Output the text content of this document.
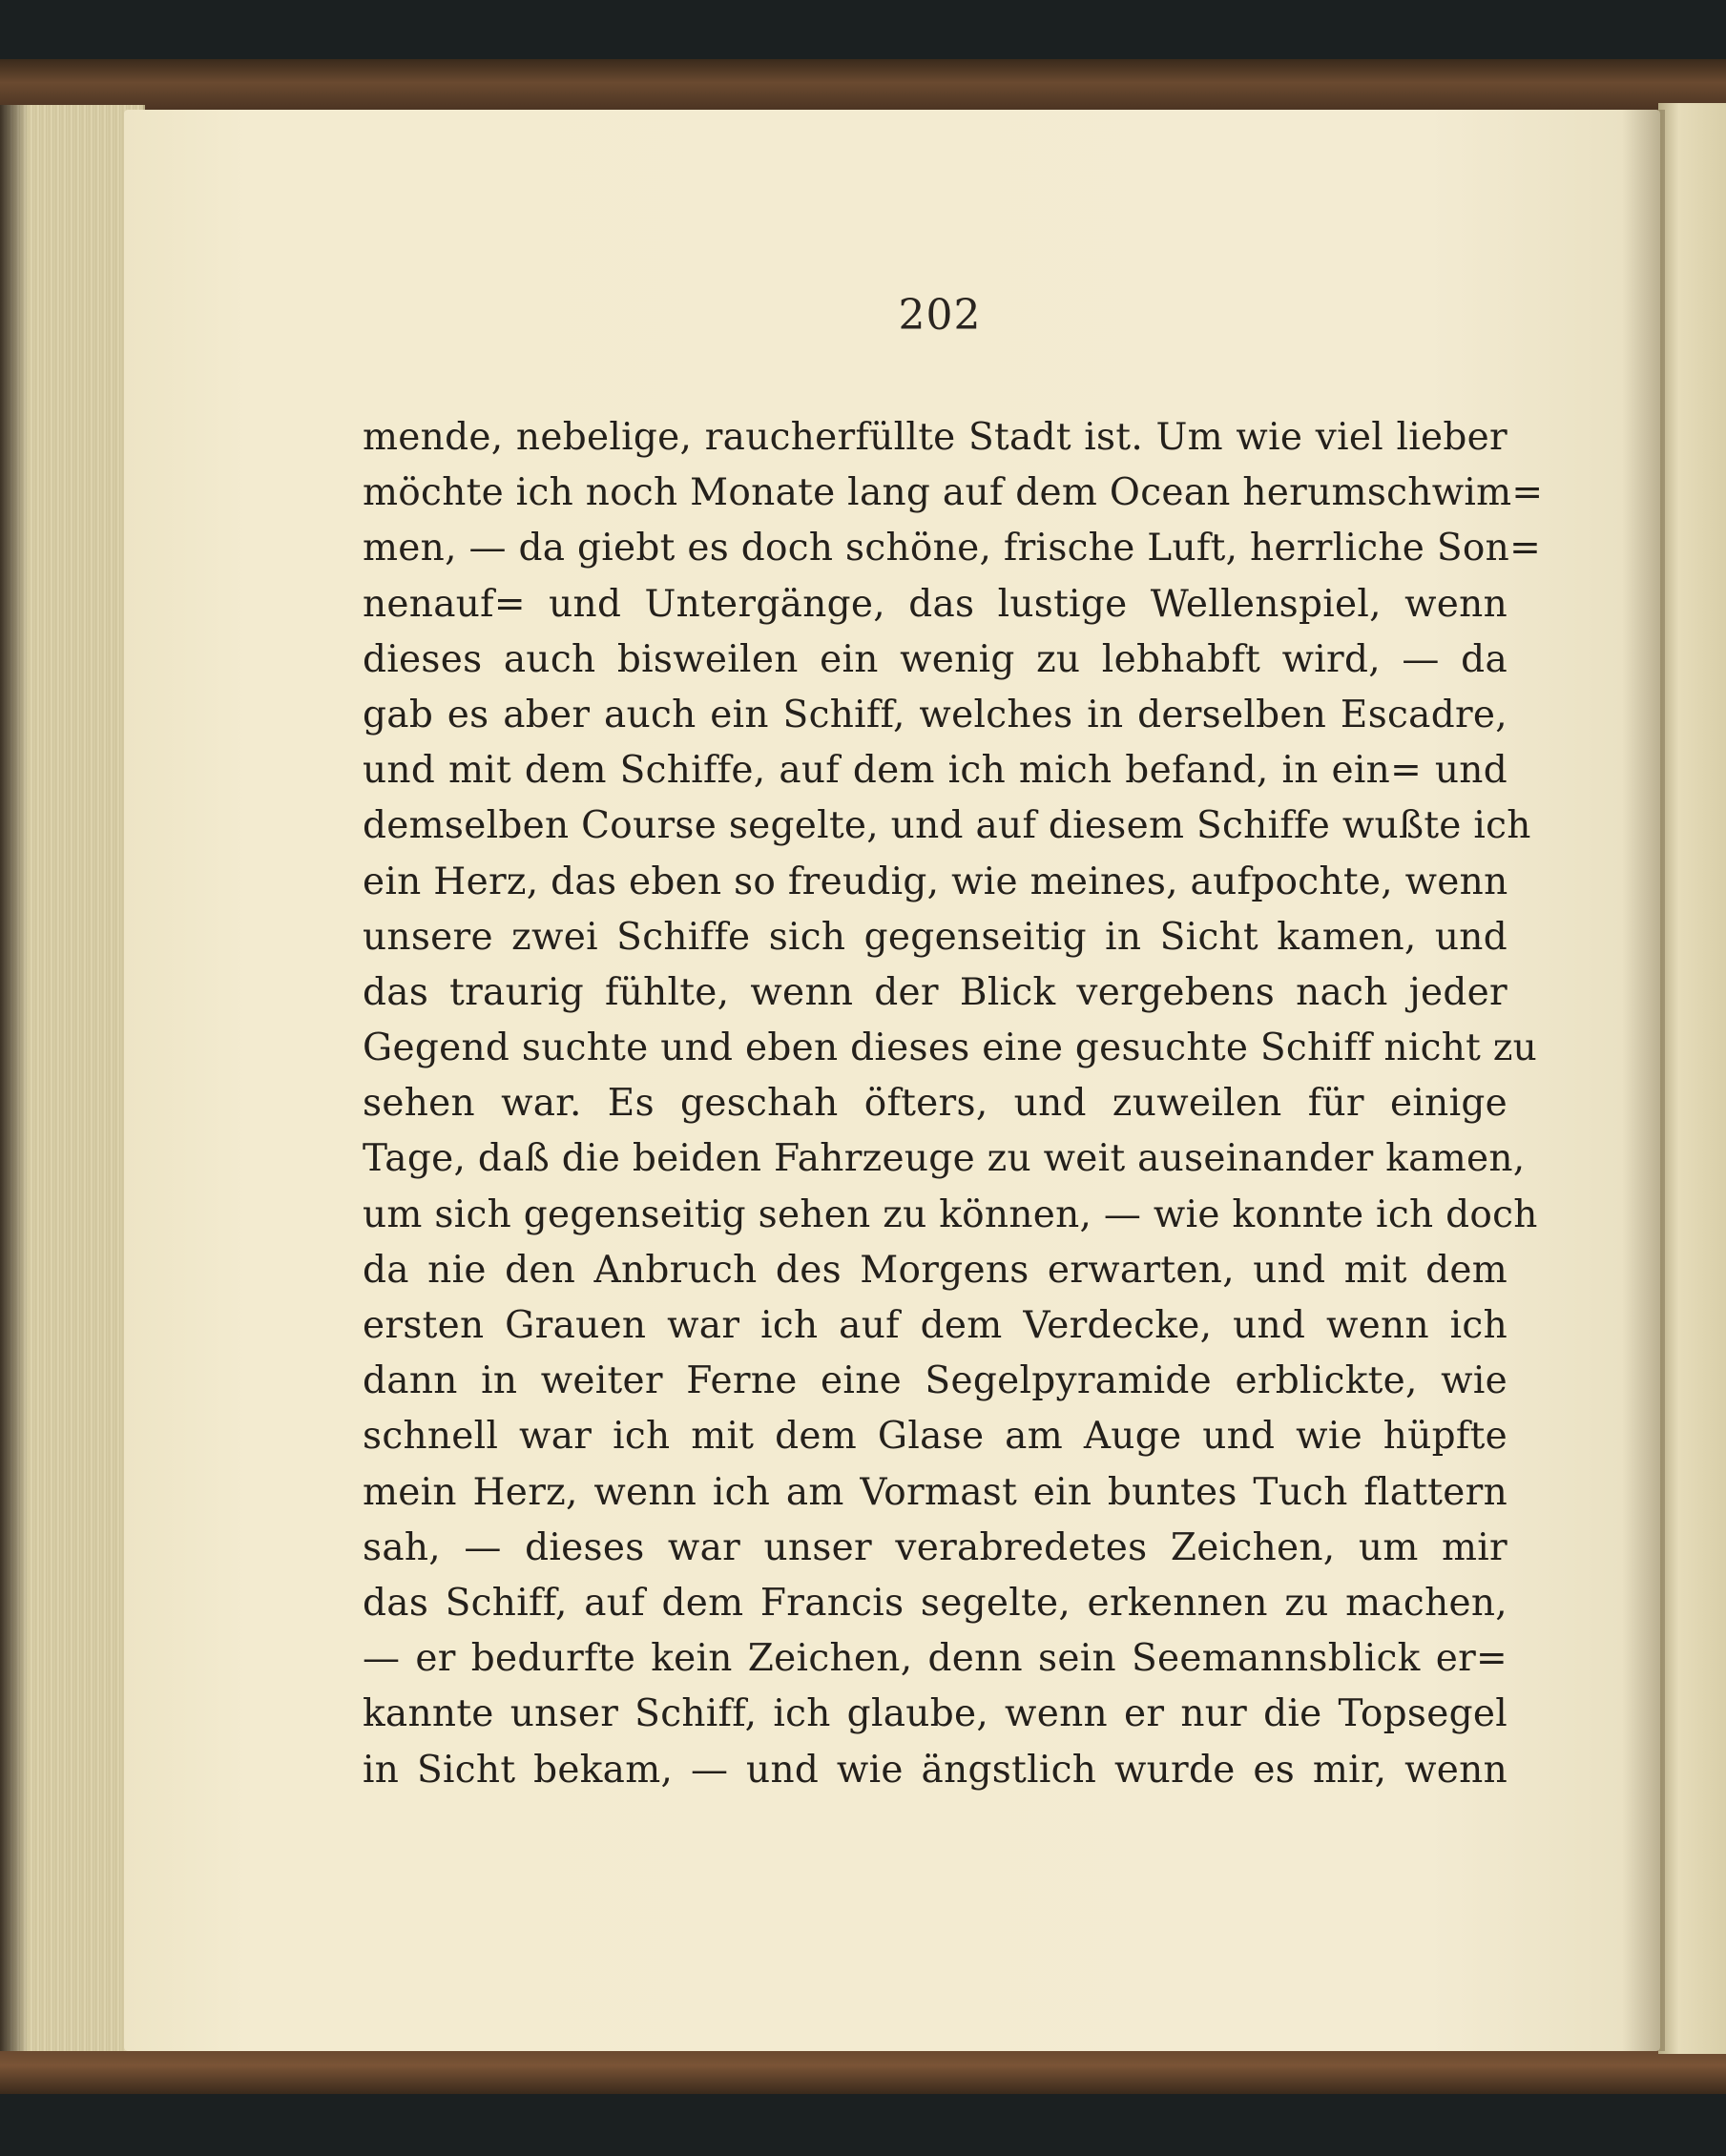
202
mende, nebelige, raucherfüllte Stadt ist. Um wie viel lieber
möchte ich noch Monate lang auf dem Ocean herumschwim=
men, — da giebt es doch schöne, frische Luft, herrliche Son=
nenauf= und Untergänge, das lustige Wellenspiel, wenn
dieses auch bisweilen ein wenig zu lebhabft wird, — da
gab es aber auch ein Schiff, welches in derselben Escadre,
und mit dem Schiffe, auf dem ich mich befand, in ein= und
demselben Course segelte, und auf diesem Schiffe wußte ich
ein Herz, das eben so freudig, wie meines, aufpochte, wenn
unsere zwei Schiffe sich gegenseitig in Sicht kamen, und
das traurig fühlte, wenn der Blick vergebens nach jeder
Gegend suchte und eben dieses eine gesuchte Schiff nicht zu
sehen war. Es geschah öfters, und zuweilen für einige
Tage, daß die beiden Fahrzeuge zu weit auseinander kamen,
um sich gegenseitig sehen zu können, — wie konnte ich doch
da nie den Anbruch des Morgens erwarten, und mit dem
ersten Grauen war ich auf dem Verdecke, und wenn ich
dann in weiter Ferne eine Segelpyramide erblickte, wie
schnell war ich mit dem Glase am Auge und wie hüpfte
mein Herz, wenn ich am Vormast ein buntes Tuch flattern
sah, — dieses war unser verabredetes Zeichen, um mir
das Schiff, auf dem Francis segelte, erkennen zu machen,
— er bedurfte kein Zeichen, denn sein Seemannsblick er=
kannte unser Schiff, ich glaube, wenn er nur die Topsegel
in Sicht bekam, — und wie ängstlich wurde es mir, wenn
